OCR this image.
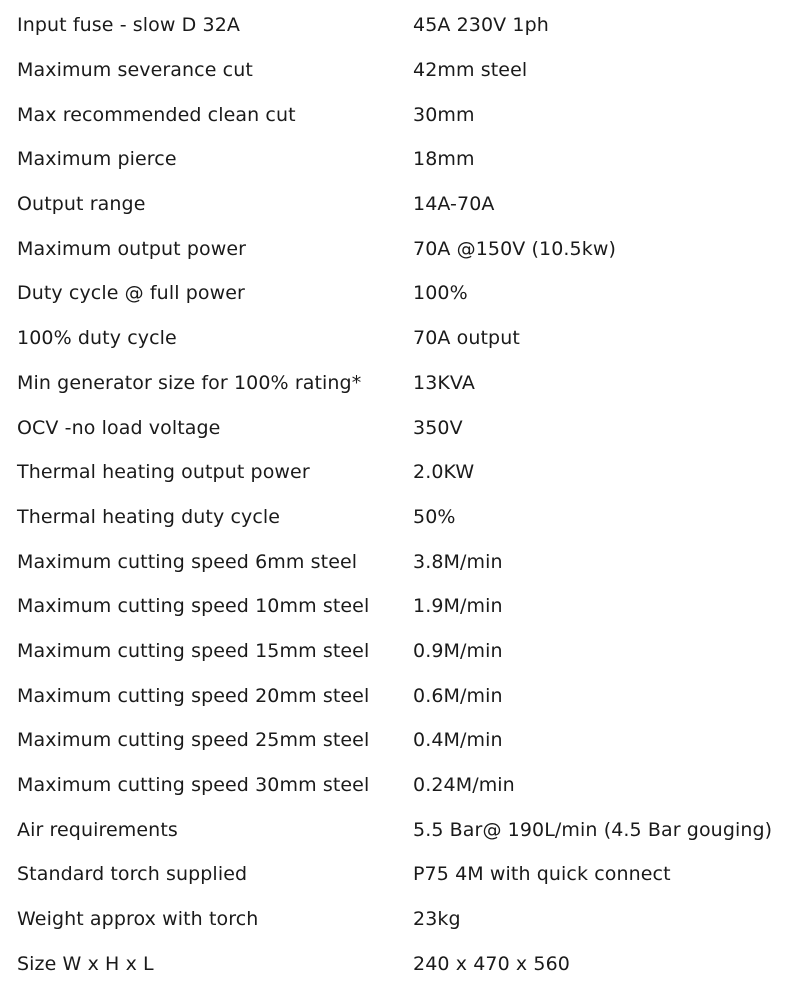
Input fuse - slow D 32A	45A 230V 1ph
Maximum severance cut	42mm steel
Max recommended clean cut	30mm
Maximum pierce	18mm
Output range	14A-70A
Maximum output power	70A @150V (10.5kw)
Duty cycle @ full power	100%
100% duty cycle	70A output
Min generator size for 100% rating*	13KVA
OCV -no load voltage	350V
Thermal heating output power	2.0KW
Thermal heating duty cycle	50%
Maximum cutting speed 6mm steel	3.8M/min
Maximum cutting speed 10mm steel	1.9M/min
Maximum cutting speed 15mm steel	0.9M/min
Maximum cutting speed 20mm steel	0.6M/min
Maximum cutting speed 25mm steel	0.4M/min
Maximum cutting speed 30mm steel	0.24M/min
Air requirements	5.5 Bar@ 190L/min (4.5 Bar gouging)
Standard torch supplied	P75 4M with quick connect
Weight approx with torch	23kg
Size W x H x L	240 x 470 x 560
